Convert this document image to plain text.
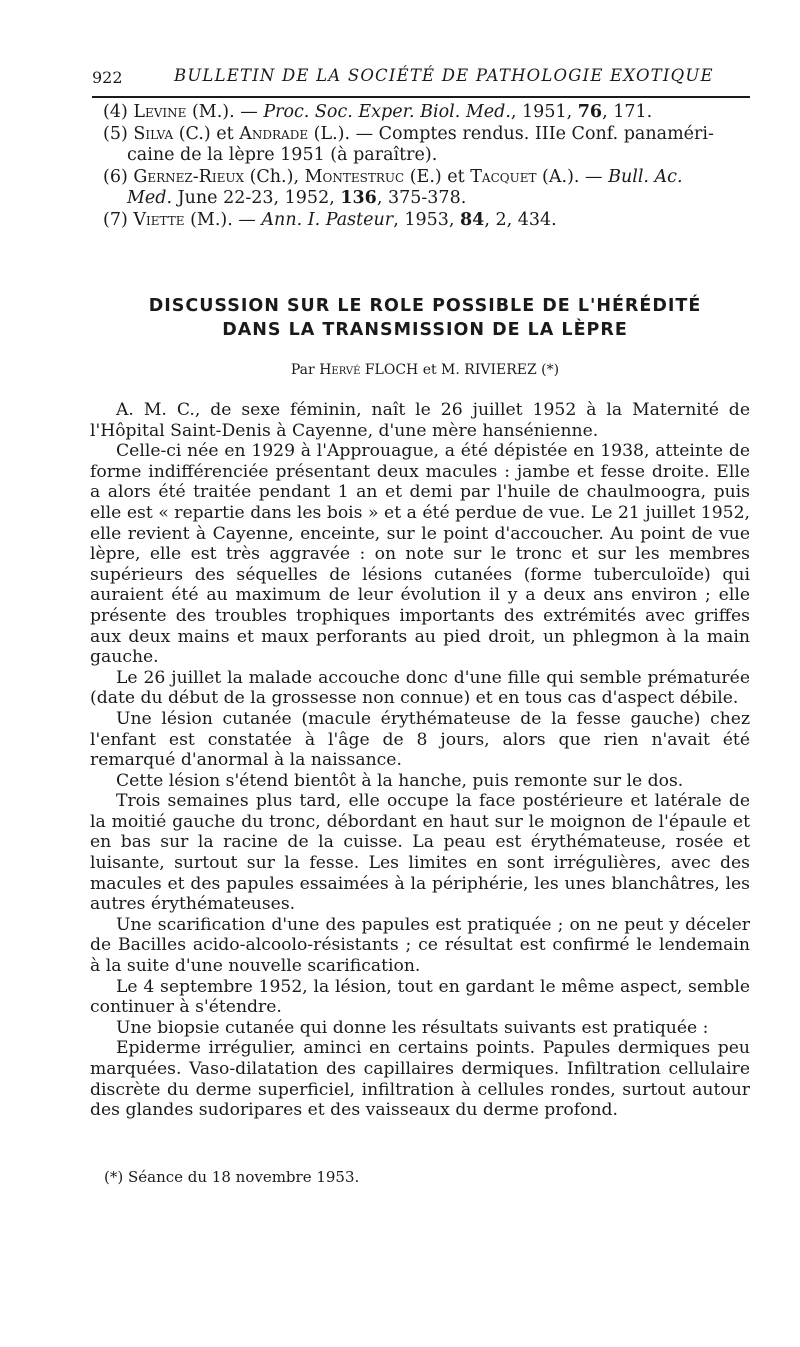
922	BULLETIN DE LA SOCIÉTÉ DE PATHOLOGIE EXOTIQUE

(4) Levine (M.). — Proc. Soc. Exper. Biol. Med., 1951, 76, 171.

(5) Silva (C.) et Andrade (L.). — Comptes rendus. IIIe Conf. panaméri-
caine de la lèpre 1951 (à paraître).

(6) Gernez-Rieux (Ch.), Montestruc (E.) et Tacquet (A.). — Bull. Ac.
Med. June 22-23, 1952, 136, 375-378.

(7) Viette (M.). — Ann. I. Pasteur, 1953, 84, 2, 434.

DISCUSSION SUR LE ROLE POSSIBLE DE L'HÉRÉDITÉ
DANS LA TRANSMISSION DE LA LÈPRE
Par Hervé FLOCH et M. RIVIEREZ (*)

A. M. C., de sexe féminin, naît le 26 juillet 1952 à la Maternité de l'Hôpital Saint-Denis à Cayenne, d'une mère hansénienne.

Celle-ci née en 1929 à l'Approuague, a été dépistée en 1938, atteinte de forme indifférenciée présentant deux macules : jambe et fesse droite. Elle a alors été traitée pendant 1 an et demi par l'huile de chaulmoogra, puis elle est « repartie dans les bois » et a été perdue de vue. Le 21 juillet 1952, elle revient à Cayenne, enceinte, sur le point d'accoucher. Au point de vue lèpre, elle est très aggravée : on note sur le tronc et sur les membres supérieurs des séquelles de lésions cutanées (forme tuberculoïde) qui auraient été au maximum de leur évolution il y a deux ans environ ; elle présente des troubles trophiques importants des extrémités avec griffes aux deux mains et maux perforants au pied droit, un phlegmon à la main gauche.

Le 26 juillet la malade accouche donc d'une fille qui semble prématurée (date du début de la grossesse non connue) et en tous cas d'aspect débile.

Une lésion cutanée (macule érythémateuse de la fesse gauche) chez l'enfant est constatée à l'âge de 8 jours, alors que rien n'avait été remarqué d'anormal à la naissance.

Cette lésion s'étend bientôt à la hanche, puis remonte sur le dos.

Trois semaines plus tard, elle occupe la face postérieure et latérale de la moitié gauche du tronc, débordant en haut sur le moignon de l'épaule et en bas sur la racine de la cuisse. La peau est érythémateuse, rosée et luisante, surtout sur la fesse. Les limites en sont irrégulières, avec des macules et des papules essaimées à la périphérie, les unes blanchâtres, les autres érythémateuses.

Une scarification d'une des papules est pratiquée ; on ne peut y déceler de Bacilles acido-alcoolo-résistants ; ce résultat est confirmé le lendemain à la suite d'une nouvelle scarification.

Le 4 septembre 1952, la lésion, tout en gardant le même aspect, semble continuer à s'étendre.

Une biopsie cutanée qui donne les résultats suivants est pratiquée :

Epiderme irrégulier, aminci en certains points. Papules dermiques peu marquées. Vaso-dilatation des capillaires dermiques. Infiltration cellulaire discrète du derme superficiel, infiltration à cellules rondes, surtout autour des glandes sudoripares et des vaisseaux du derme profond.

(*) Séance du 18 novembre 1953.
